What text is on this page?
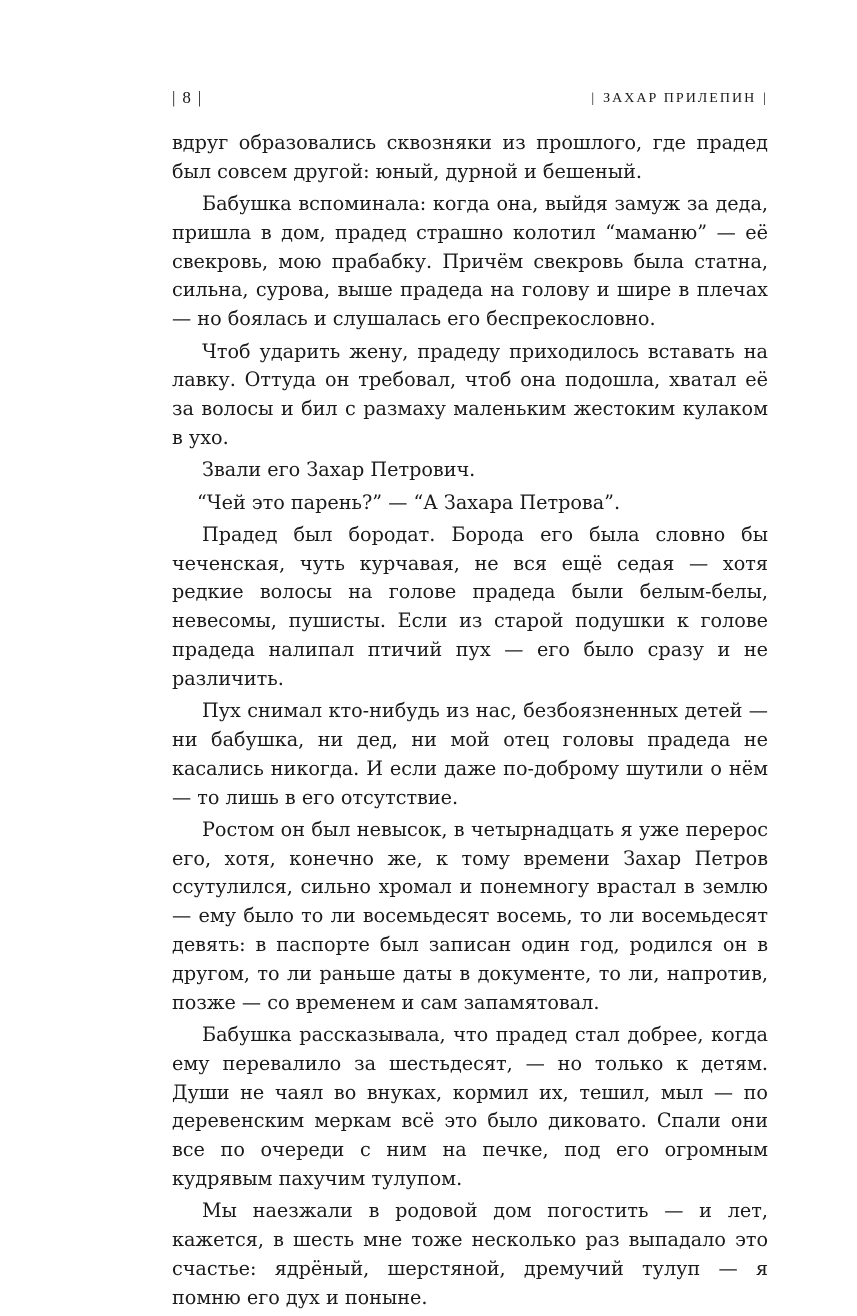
| 8 |	| ЗАХАР ПРИЛЕПИН |

вдруг образовались сквозняки из прошлого, где прадед был совсем другой: юный, дурной и бешеный.

Бабушка вспоминала: когда она, выйдя замуж за деда, пришла в дом, прадед страшно колотил “маманю” — её свекровь, мою прабабку. Причём свекровь была статна, сильна, сурова, выше прадеда на голову и шире в плечах — но боялась и слушалась его беспрекословно.

Чтоб ударить жену, прадеду приходилось вставать на лавку. Оттуда он требовал, чтоб она подошла, хватал её за волосы и бил с размаху маленьким жестоким кулаком в ухо.

Звали его Захар Петрович.

“Чей это парень?” — “А Захара Петрова”.

Прадед был бородат. Борода его была словно бы чеченская, чуть курчавая, не вся ещё седая — хотя редкие волосы на голове прадеда были белым-белы, невесомы, пушисты. Если из старой подушки к голове прадеда налипал птичий пух — его было сразу и не различить.

Пух снимал кто-нибудь из нас, безбоязненных детей — ни бабушка, ни дед, ни мой отец головы прадеда не касались никогда. И если даже по-доброму шутили о нём — то лишь в его отсутствие.

Ростом он был невысок, в четырнадцать я уже перерос его, хотя, конечно же, к тому времени Захар Петров ссутулился, сильно хромал и понемногу врастал в землю — ему было то ли восемьдесят восемь, то ли восемьдесят девять: в паспорте был записан один год, родился он в другом, то ли раньше даты в документе, то ли, напротив, позже — со временем и сам запамятовал.

Бабушка рассказывала, что прадед стал добрее, когда ему перевалило за шестьдесят, — но только к детям. Души не чаял во внуках, кормил их, тешил, мыл — по деревенским меркам всё это было диковато. Спали они все по очереди с ним на печке, под его огромным кудрявым пахучим тулупом.

Мы наезжали в родовой дом погостить — и лет, кажется, в шесть мне тоже несколько раз выпадало это счастье: ядрёный, шерстяной, дремучий тулуп — я помню его дух и поныне.
